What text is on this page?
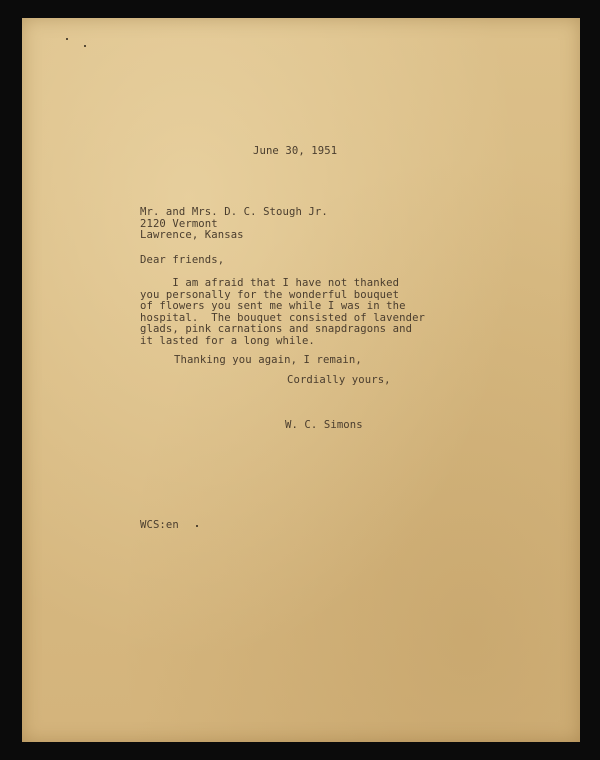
June 30, 1951
Mr. and Mrs. D. C. Stough Jr.
2120 Vermont
Lawrence, Kansas
Dear friends,
I am afraid that I have not thanked
you personally for the wonderful bouquet
of flowers you sent me while I was in the
hospital.  The bouquet consisted of lavender
glads, pink carnations and snapdragons and
it lasted for a long while.
Thanking you again, I remain,
Cordially yours,
W. C. Simons
WCS:en
